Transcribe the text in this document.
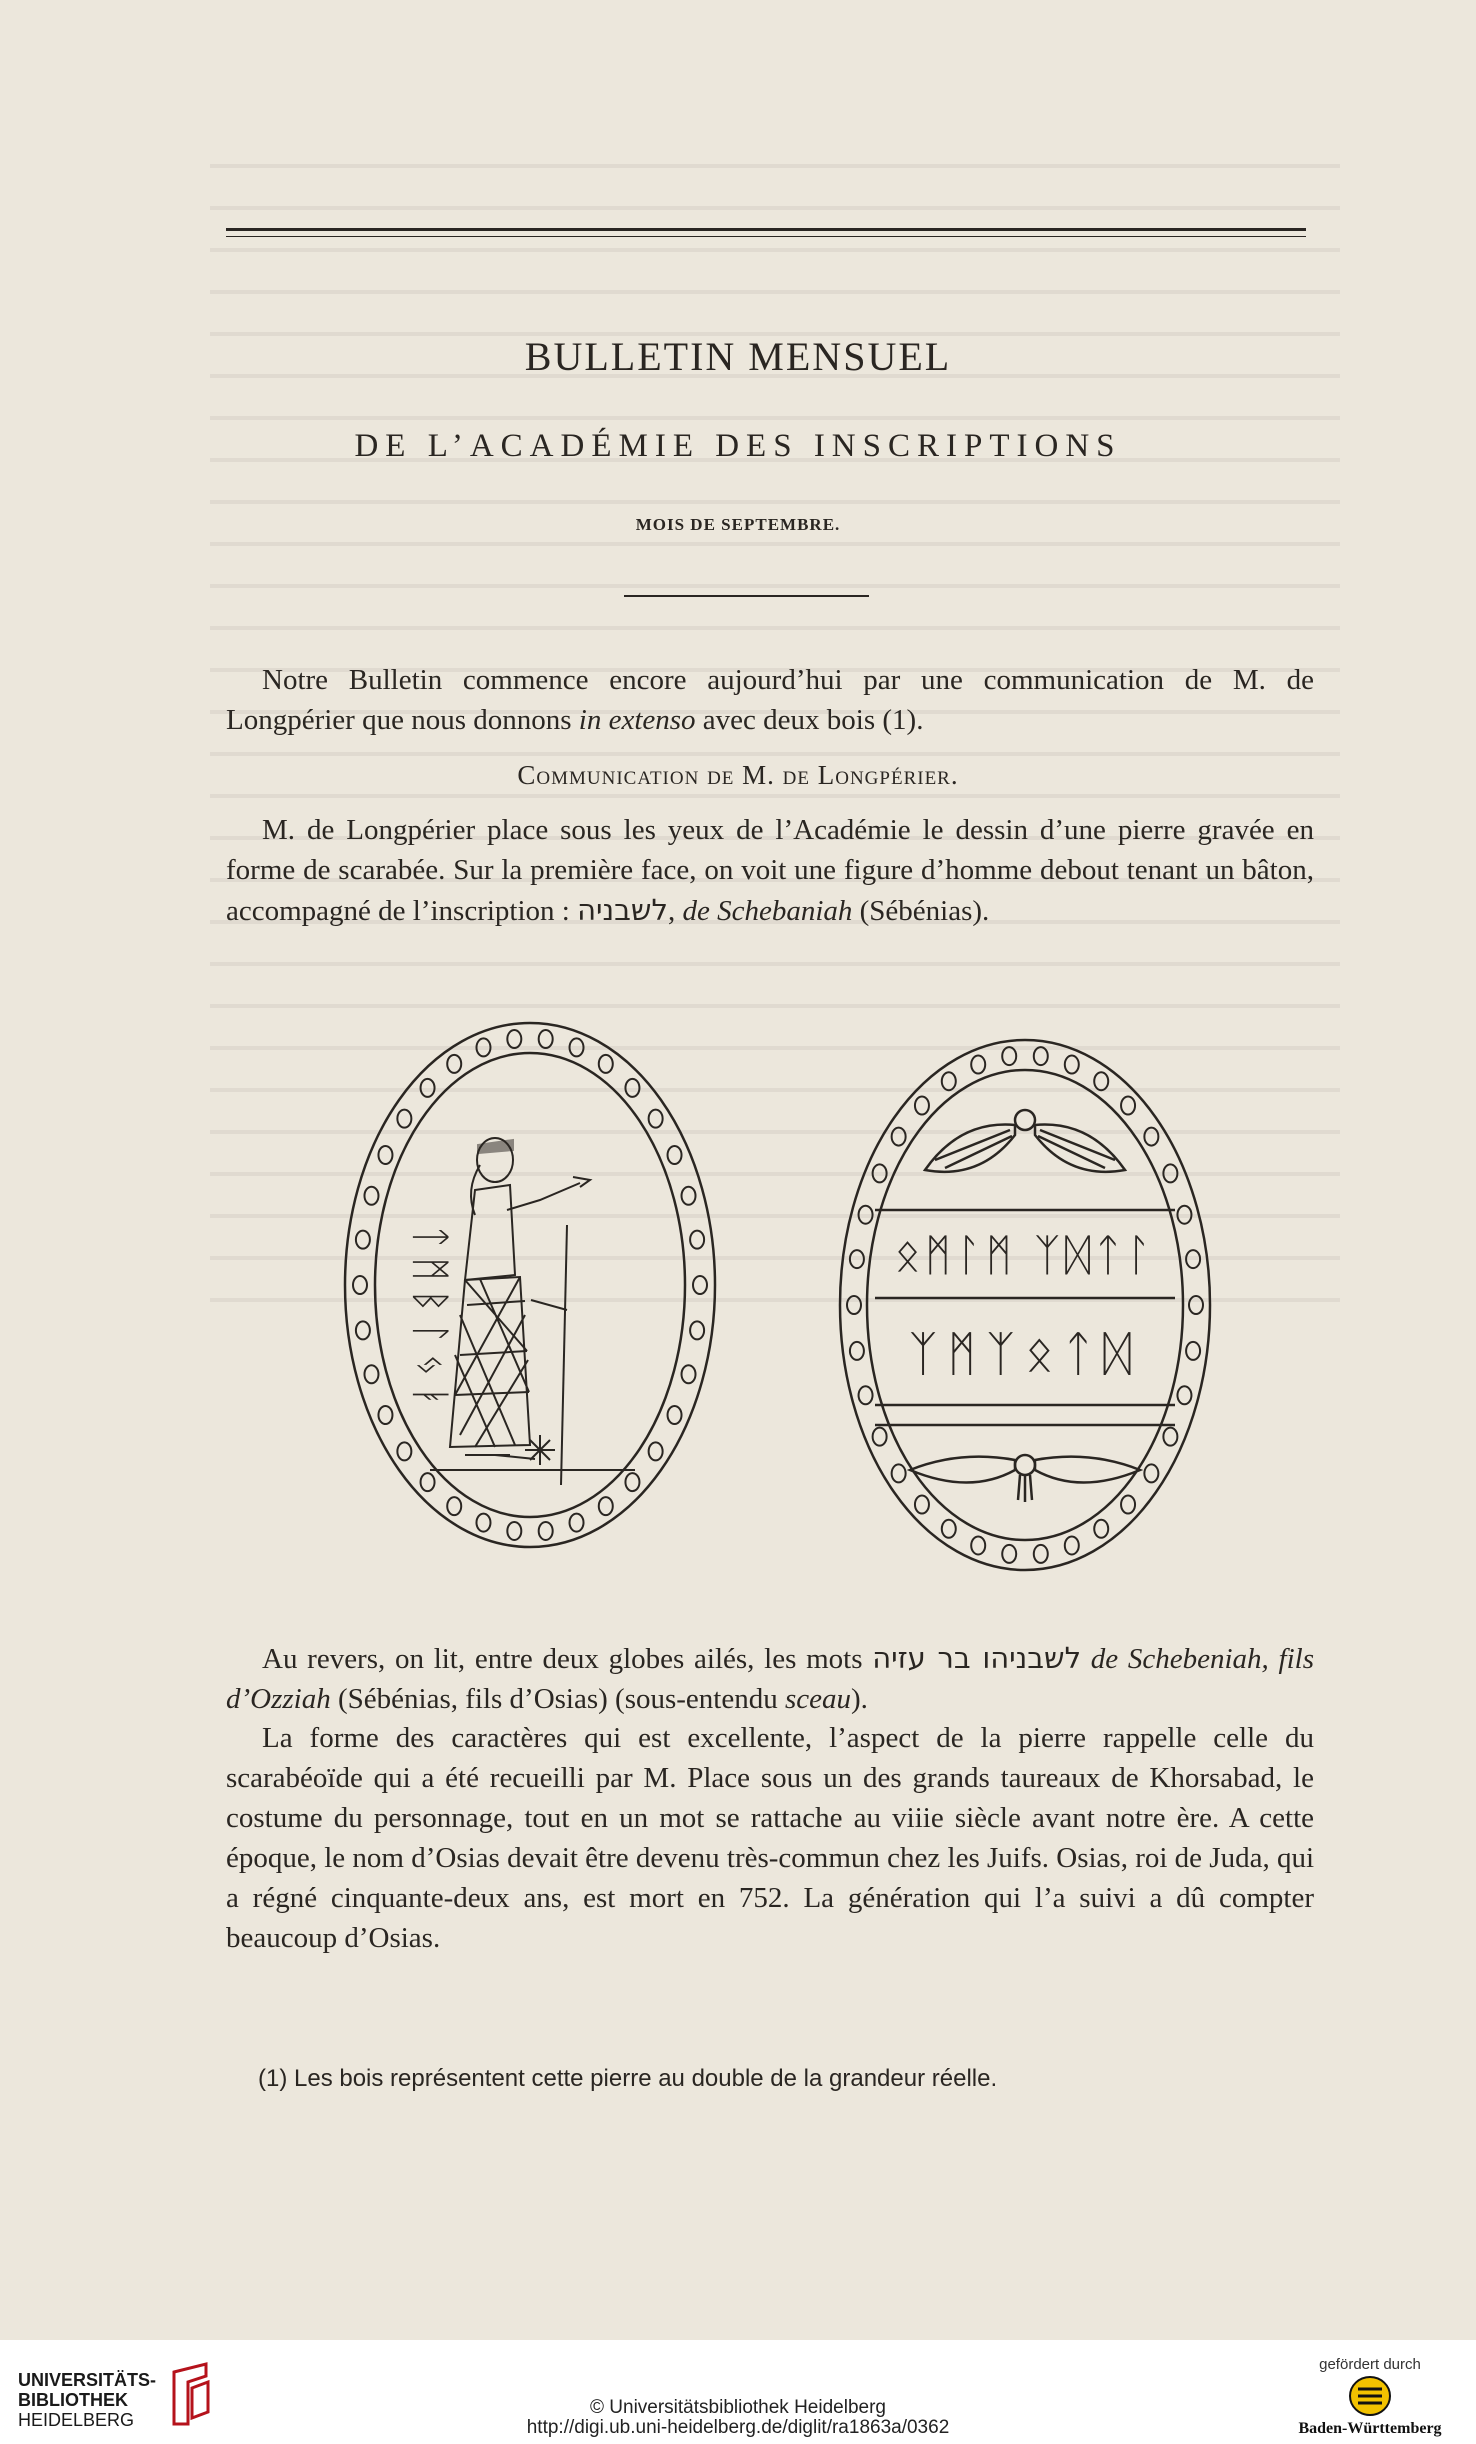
BULLETIN MENSUEL
DE L’ACADÉMIE DES INSCRIPTIONS
MOIS DE SEPTEMBRE.
Notre Bulletin commence encore aujourd’hui par une communication de M. de Longpérier que nous donnons in extenso avec deux bois (1).
Communication de M. de Longpérier.
M. de Longpérier place sous les yeux de l’Académie le dessin d’une pierre gravée en forme de scarabée. Sur la première face, on voit une figure d’homme debout tenant un bâton, accompagné de l’inscription : לשבניה, de Schebaniah (Sébénias).
ᛏᛗᛒᛚᛃᛓ	ᛟᛗᛚᛗ ᛉᛞᛏᛚ
ᛉᛗᛉᛟᛏᛞ
Au revers, on lit, entre deux globes ailés, les mots לשבניהו בר עזיה de Schebeniah, fils d’Ozziah (Sébénias, fils d’Osias) (sous-entendu sceau).
La forme des caractères qui est excellente, l’aspect de la pierre rappelle celle du scarabéoïde qui a été recueilli par M. Place sous un des grands taureaux de Khorsabad, le costume du personnage, tout en un mot se rattache au viiie siècle avant notre ère. A cette époque, le nom d’Osias devait être devenu très-commun chez les Juifs. Osias, roi de Juda, qui a régné cinquante-deux ans, est mort en 752. La génération qui l’a suivi a dû compter beaucoup d’Osias.
(1) Les bois représentent cette pierre au double de la grandeur réelle.
UNIVERSITÄTS-
BIBLIOTHEK
HEIDELBERG
© Universitätsbibliothek Heidelberg
http://digi.ub.uni-heidelberg.de/diglit/ra1863a/0362
gefördert durch
Baden-Württemberg
